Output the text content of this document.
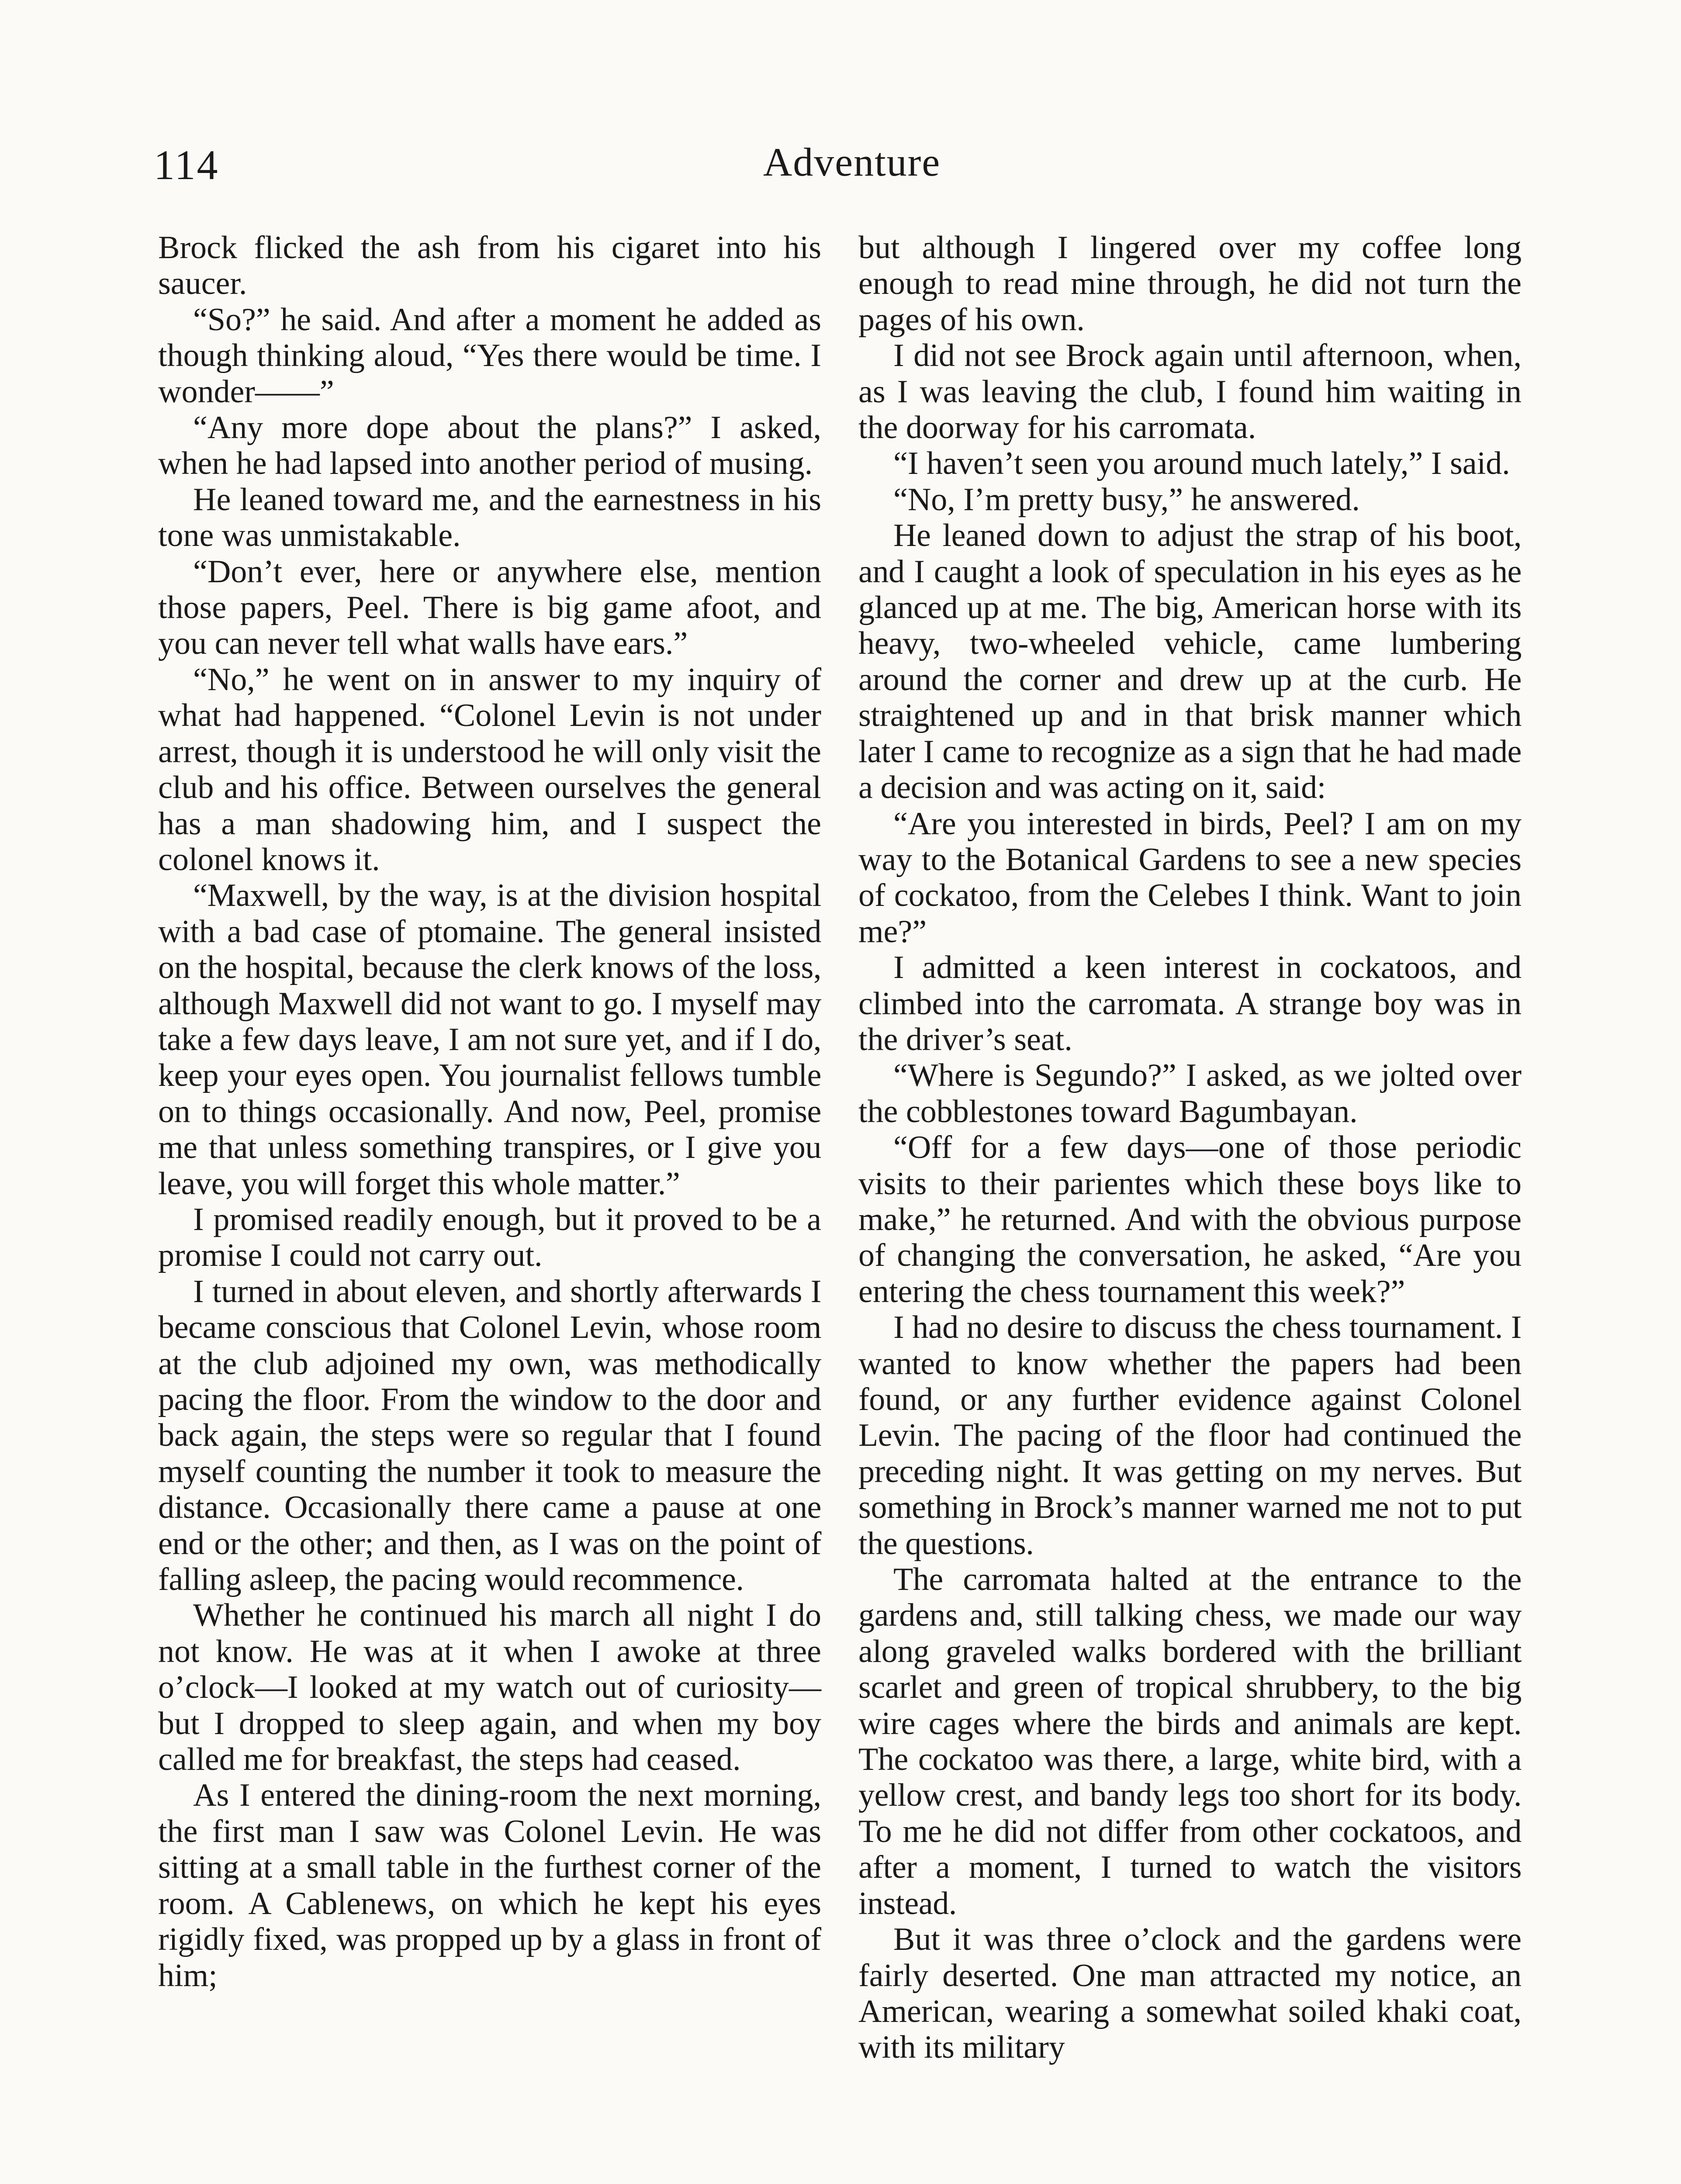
114	Adventure

Brock flicked the ash from his cigaret into his saucer.

“So?” he said. And after a moment he added as though thinking aloud, “Yes there would be time. I wonder——”

“Any more dope about the plans?” I asked, when he had lapsed into another period of musing.

He leaned toward me, and the earnestness in his tone was unmistakable.

“Don’t ever, here or anywhere else, mention those papers, Peel. There is big game afoot, and you can never tell what walls have ears.”

“No,” he went on in answer to my inquiry of what had happened. “Colonel Levin is not under arrest, though it is understood he will only visit the club and his office. Between ourselves the general has a man shadowing him, and I suspect the colonel knows it.

“Maxwell, by the way, is at the division hospital with a bad case of ptomaine. The general insisted on the hospital, because the clerk knows of the loss, although Maxwell did not want to go. I myself may take a few days leave, I am not sure yet, and if I do, keep your eyes open. You journalist fellows tumble on to things occasionally. And now, Peel, promise me that unless something transpires, or I give you leave, you will forget this whole matter.”

I promised readily enough, but it proved to be a promise I could not carry out.

I turned in about eleven, and shortly afterwards I became conscious that Colonel Levin, whose room at the club adjoined my own, was methodically pacing the floor. From the window to the door and back again, the steps were so regular that I found myself counting the number it took to measure the distance. Occasionally there came a pause at one end or the other; and then, as I was on the point of falling asleep, the pacing would recommence.

Whether he continued his march all night I do not know. He was at it when I awoke at three o’clock—I looked at my watch out of curiosity—but I dropped to sleep again, and when my boy called me for breakfast, the steps had ceased.

As I entered the dining-room the next morning, the first man I saw was Colonel Levin. He was sitting at a small table in the furthest corner of the room. A Cablenews, on which he kept his eyes rigidly fixed, was propped up by a glass in front of him;

but although I lingered over my coffee long enough to read mine through, he did not turn the pages of his own.

I did not see Brock again until afternoon, when, as I was leaving the club, I found him waiting in the doorway for his carromata.

“I haven’t seen you around much lately,” I said.

“No, I’m pretty busy,” he answered.

He leaned down to adjust the strap of his boot, and I caught a look of speculation in his eyes as he glanced up at me. The big, American horse with its heavy, two-wheeled vehicle, came lumbering around the corner and drew up at the curb. He straightened up and in that brisk manner which later I came to recognize as a sign that he had made a decision and was acting on it, said:

“Are you interested in birds, Peel? I am on my way to the Botanical Gardens to see a new species of cockatoo, from the Celebes I think. Want to join me?”

I admitted a keen interest in cockatoos, and climbed into the carromata. A strange boy was in the driver’s seat.

“Where is Segundo?” I asked, as we jolted over the cobblestones toward Bagumbayan.

“Off for a few days—one of those periodic visits to their parientes which these boys like to make,” he returned. And with the obvious purpose of changing the conversation, he asked, “Are you entering the chess tournament this week?”

I had no desire to discuss the chess tournament. I wanted to know whether the papers had been found, or any further evidence against Colonel Levin. The pacing of the floor had continued the preceding night. It was getting on my nerves. But something in Brock’s manner warned me not to put the questions.

The carromata halted at the entrance to the gardens and, still talking chess, we made our way along graveled walks bordered with the brilliant scarlet and green of tropical shrubbery, to the big wire cages where the birds and animals are kept. The cockatoo was there, a large, white bird, with a yellow crest, and bandy legs too short for its body. To me he did not differ from other cockatoos, and after a moment, I turned to watch the visitors instead.

But it was three o’clock and the gardens were fairly deserted. One man attracted my notice, an American, wearing a somewhat soiled khaki coat, with its military
